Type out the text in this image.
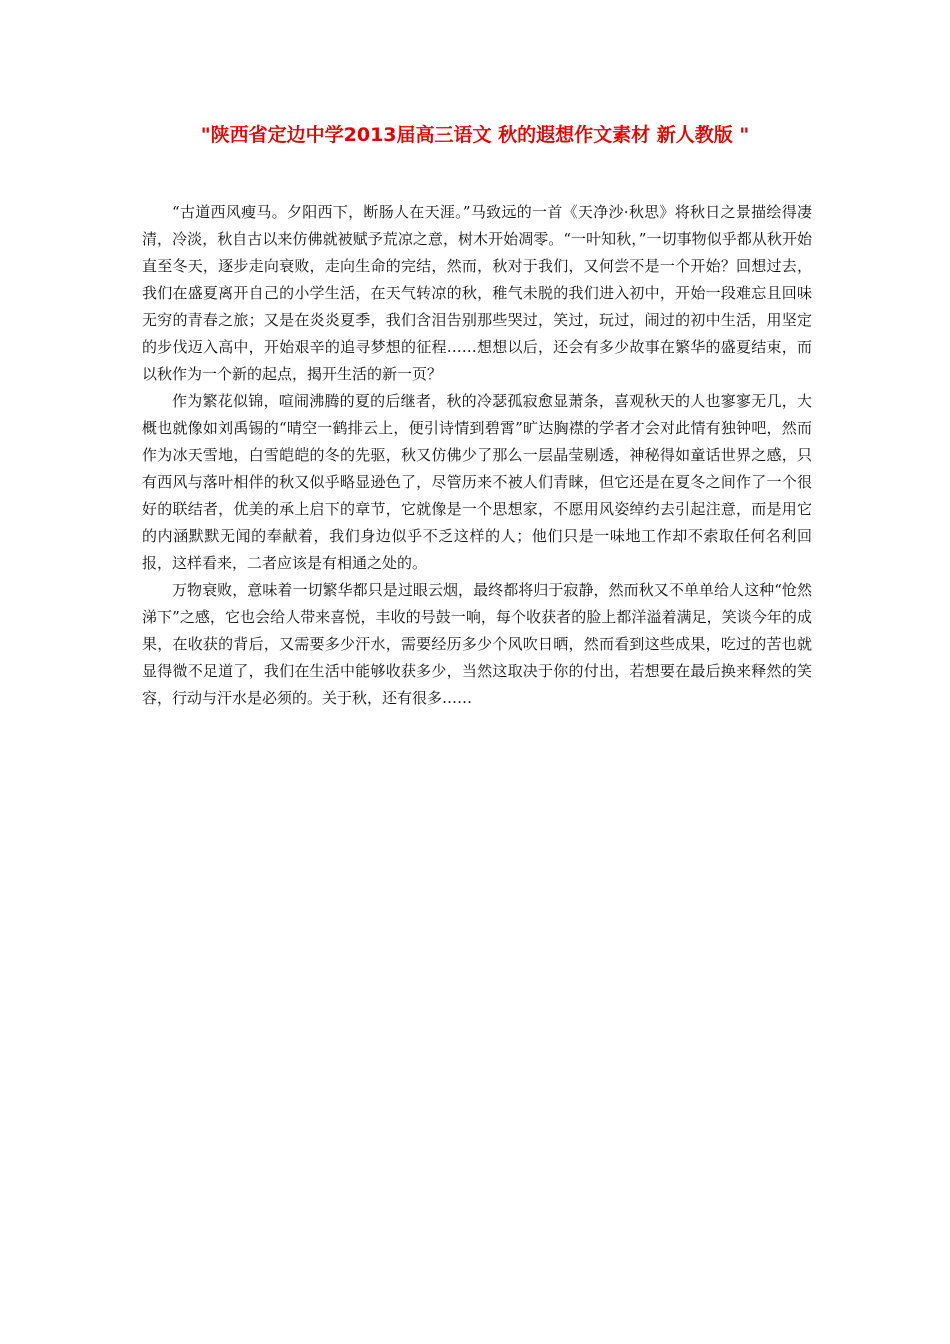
"陕西省定边中学2013届高三语文 秋的遐想作文素材 新人教版 "

“古道西风瘦马。夕阳西下，断肠人在天涯。”马致远的一首《天净沙·秋思》将秋日之景描绘得凄清，冷淡，秋自古以来仿佛就被赋予荒凉之意，树木开始凋零。“一叶知秋，”一切事物似乎都从秋开始直至冬天，逐步走向衰败，走向生命的完结，然而，秋对于我们，又何尝不是一个开始？回想过去，我们在盛夏离开自己的小学生活，在天气转凉的秋，稚气未脱的我们进入初中，开始一段难忘且回味无穷的青春之旅；又是在炎炎夏季，我们含泪告别那些哭过，笑过，玩过，闹过的初中生活，用坚定的步伐迈入高中，开始艰辛的追寻梦想的征程……想想以后，还会有多少故事在繁华的盛夏结束，而以秋作为一个新的起点，揭开生活的新一页？

作为繁花似锦，喧闹沸腾的夏的后继者，秋的冷瑟孤寂愈显萧条，喜观秋天的人也寥寥无几，大概也就像如刘禹锡的“晴空一鹤排云上，便引诗情到碧霄”旷达胸襟的学者才会对此情有独钟吧，然而作为冰天雪地，白雪皑皑的冬的先驱，秋又仿佛少了那么一层晶莹剔透，神秘得如童话世界之感，只有西风与落叶相伴的秋又似乎略显逊色了，尽管历来不被人们青睐，但它还是在夏冬之间作了一个很好的联结者，优美的承上启下的章节，它就像是一个思想家，不愿用风姿绰约去引起注意，而是用它的内涵默默无闻的奉献着，我们身边似乎不乏这样的人；他们只是一味地工作却不索取任何名利回报，这样看来，二者应该是有相通之处的。

万物衰败，意味着一切繁华都只是过眼云烟，最终都将归于寂静，然而秋又不单单给人这种“怆然涕下”之感，它也会给人带来喜悦，丰收的号鼓一响，每个收获者的脸上都洋溢着满足，笑谈今年的成果，在收获的背后，又需要多少汗水，需要经历多少个风吹日晒，然而看到这些成果，吃过的苦也就显得微不足道了，我们在生活中能够收获多少，当然这取决于你的付出，若想要在最后换来释然的笑容，行动与汗水是必须的。关于秋，还有很多……
